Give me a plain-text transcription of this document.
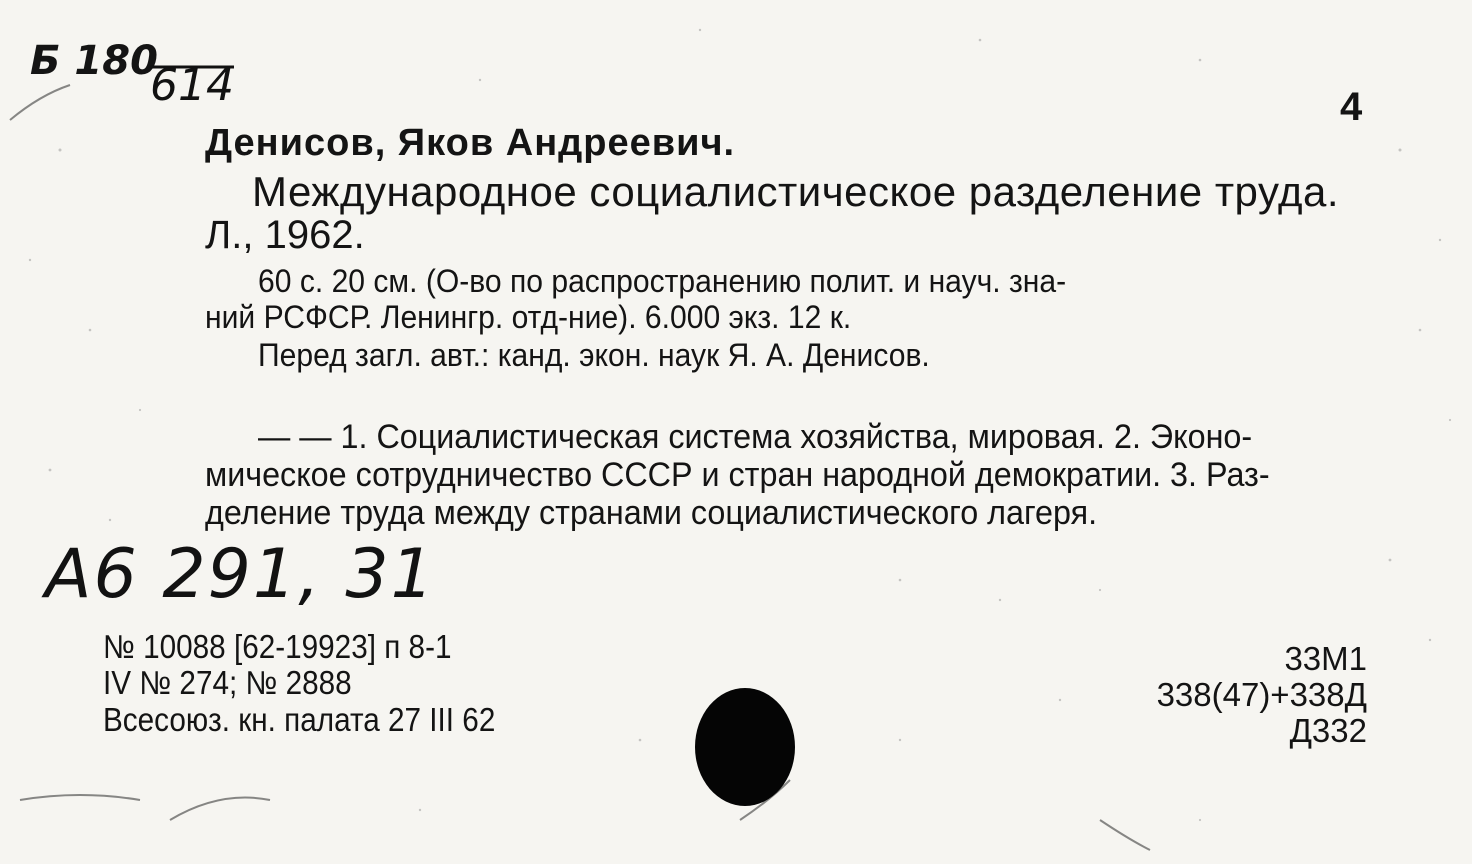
Б 180
614	4
Денисов, Яков Андреевич.
Международное социалистическое разделение труда.
Л., 1962.
60 с. 20 см. (О-во по распространению полит. и науч. зна-
ний РСФСР. Ленингр. отд-ние). 6.000 экз. 12 к.
Перед загл. авт.: канд. экон. наук Я. А. Денисов.
— — 1. Социалистическая система хозяйства, мировая. 2. Эконо-
мическое сотрудничество СССР и стран народной демократии. 3. Раз-
деление труда между странами социалистического лагеря.
А6 291, 31
№ 10088 [62-19923] п 8-1
IV № 274; № 2888
Всесоюз. кн. палата 27 III 62
33М1
338(47)+338Д
Д332
